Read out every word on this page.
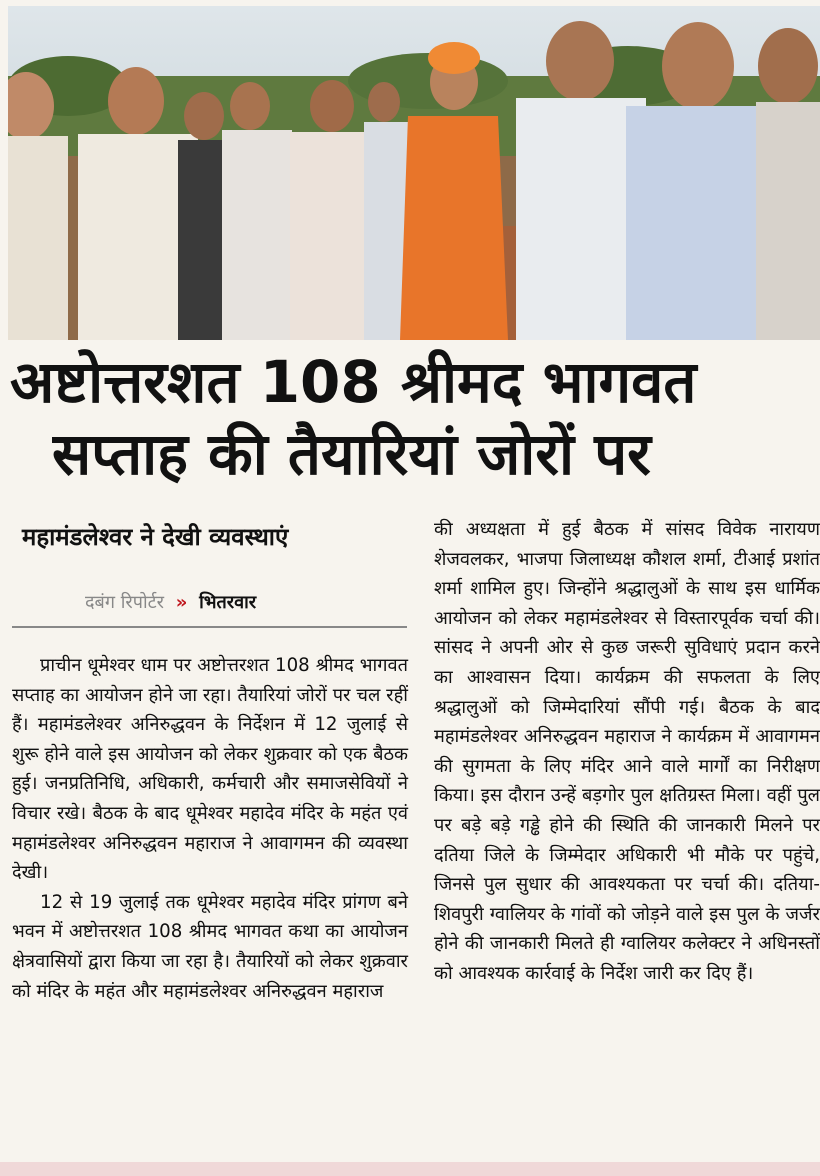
अष्टोत्तरशत 108 श्रीमद भागवत
सप्ताह की तैयारियां जोरों पर
महामंडलेश्वर ने देखी व्यवस्थाएं
दबंग रिपोर्टर » भितरवार

प्राचीन धूमेश्वर धाम पर अष्टोत्तरशत 108 श्रीमद भागवत सप्ताह का आयोजन होने जा रहा। तैयारियां जोरों पर चल रहीं हैं। महामंडलेश्वर अनिरुद्धवन के निर्देशन में 12 जुलाई से शुरू होने वाले इस आयोजन को लेकर शुक्रवार को एक बैठक हुई। जनप्रतिनिधि, अधिकारी, कर्मचारी और समाजसेवियों ने विचार रखे। बैठक के बाद धूमेश्वर महादेव मंदिर के महंत एवं महामंडलेश्वर अनिरुद्धवन महाराज ने आवागमन की व्यवस्था देखी।

12 से 19 जुलाई तक धूमेश्वर महादेव मंदिर प्रांगण बने भवन में अष्टोत्तरशत 108 श्रीमद भागवत कथा का आयोजन क्षेत्रवासियों द्वारा किया जा रहा है। तैयारियों को लेकर शुक्रवार को मंदिर के महंत और महामंडलेश्वर अनिरुद्धवन महाराज

की अध्यक्षता में हुई बैठक में सांसद विवेक नारायण शेजवलकर, भाजपा जिलाध्यक्ष कौशल शर्मा, टीआई प्रशांत शर्मा शामिल हुए। जिन्होंने श्रद्धालुओं के साथ इस धार्मिक आयोजन को लेकर महामंडलेश्वर से विस्तारपूर्वक चर्चा की। सांसद ने अपनी ओर से कुछ जरूरी सुविधाएं प्रदान करने का आश्वासन दिया। कार्यक्रम की सफलता के लिए श्रद्धालुओं को जिम्मेदारियां सौंपी गई। बैठक के बाद महामंडलेश्वर अनिरुद्धवन महाराज ने कार्यक्रम में आवागमन की सुगमता के लिए मंदिर आने वाले मार्गों का निरीक्षण किया। इस दौरान उन्हें बड़गोर पुल क्षतिग्रस्त मिला। वहीं पुल पर बड़े बड़े गड्ढे होने की स्थिति की जानकारी मिलने पर दतिया जिले के जिम्मेदार अधिकारी भी मौके पर पहुंचे, जिनसे पुल सुधार की आवश्यकता पर चर्चा की। दतिया-शिवपुरी ग्वालियर के गांवों को जोड़ने वाले इस पुल के जर्जर होने की जानकारी मिलते ही ग्वालियर कलेक्टर ने अधिनस्तों को आवश्यक कार्रवाई के निर्देश जारी कर दिए हैं।
